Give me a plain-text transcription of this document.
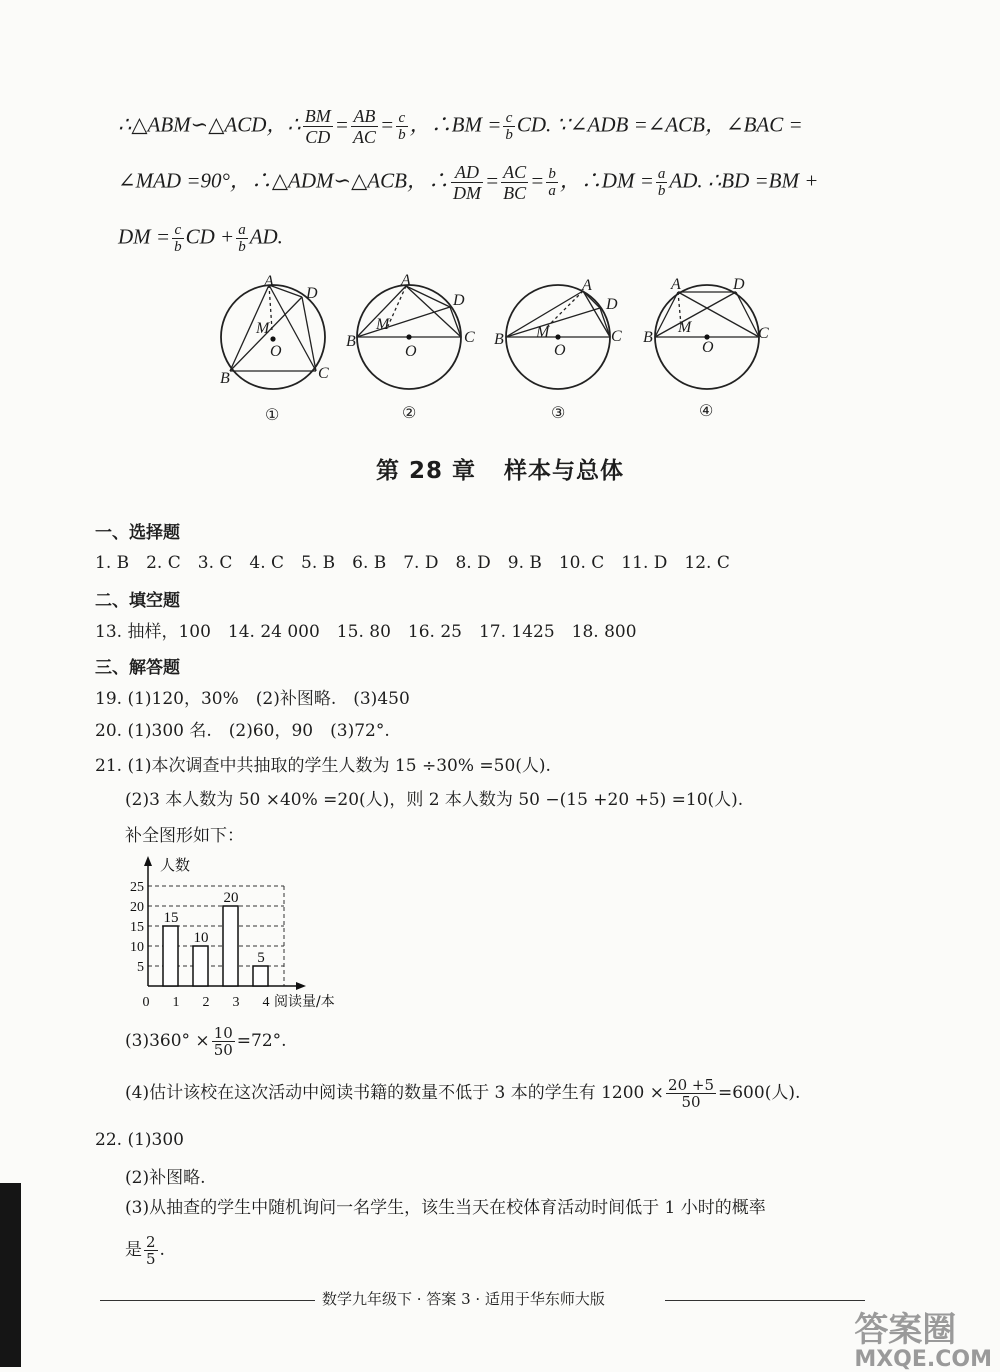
∴△ABM∽△ACD，∴ $\frac{BM}{CD} = \frac{AB}{AC} = \frac{c}{b}$ ，∴BM = $\frac{c}{b}$ CD. ∵∠ADB =∠ACB，∠BAC =
∠MAD =90°，∴△ADM∽△ACB，∴ $\frac{AD}{DM} = \frac{AC}{BC} = \frac{b}{a}$ ，∴DM = $\frac{a}{b}$ AD. ∴BD =BM +
DM = $\frac{c}{b}$ CD + $\frac{a}{b}$ AD.
A
D
M
O
B	C
A
D
M
B
O
C
A
D
M
B
O
C
A	D
M
B
O
C
①	②	③	④
第 28 章 样本与总体
一、选择题
1. B　2. C　3. C　4. C　5. B　6. B　7. D　8. D　9. B　10. C　11. D　12. C
二、填空题
13. 抽样，100　14. 24 000　15. 80　16. 25　17. 1425　18. 800
三、解答题
19. (1)120，30%　(2)补图略.　(3)450
20. (1)300 名.　(2)60，90　(3)72°.
21. (1)本次调查中共抽取的学生人数为 15 ÷30% =50(人).
(2)3 本人数为 50 ×40% =20(人)，则 2 本人数为 50 −(15 +20 +5) =10(人).
补全图形如下：
5
10
15
20
25
人数
0 1 2 3 4 阅读量/本
15
10
20
5
$(3)360^\circ \times \frac{10}{50} =72^\circ$.
(4)估计该校在这次活动中阅读书籍的数量不低于 3 本的学生有 $1200 \times \frac{20 +5}{50} =600$(人).
22. (1)300
(2)补图略.
(3)从抽查的学生中随机询问一名学生，该生当天在校体育活动时间低于 1 小时的概率
是 $\frac{2}{5}$ .
数学九年级下 · 答案 3 · 适用于华东师大版
答案圈
MXQE.COM
